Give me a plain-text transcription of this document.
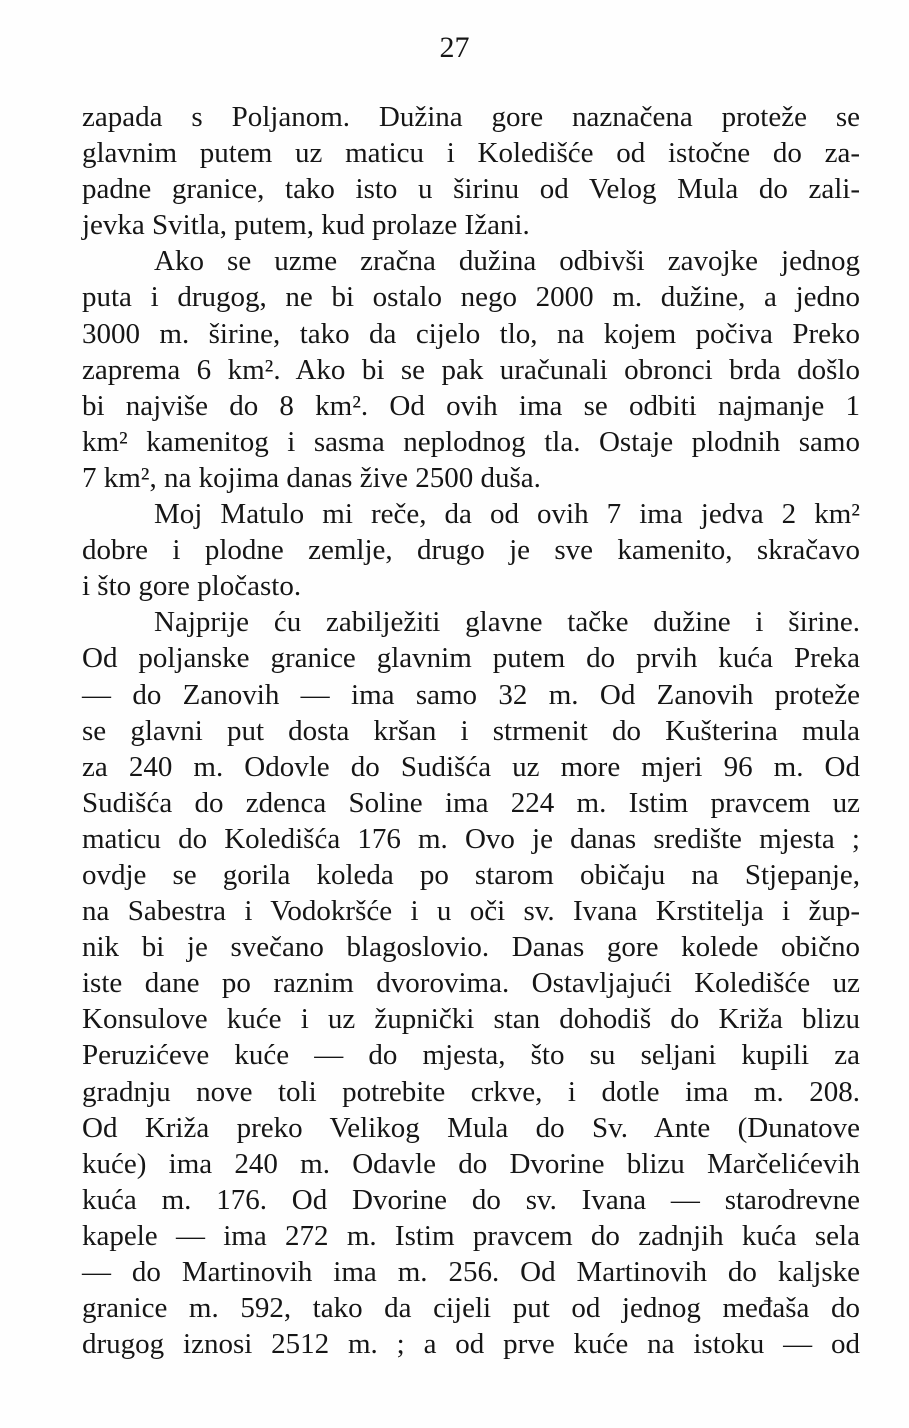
27
zapada s Poljanom. Dužina gore naznačena proteže se
glavnim putem uz maticu i Koledišće od istočne do za-
padne granice, tako isto u širinu od Velog Mula do zali-
jevka Svitla, putem, kud prolaze Ižani.
Ako se uzme zračna dužina odbivši zavojke jednog
puta i drugog, ne bi ostalo nego 2000 m. dužine, a jedno
3000 m. širine, tako da cijelo tlo, na kojem počiva Preko
zaprema 6 km². Ako bi se pak uračunali obronci brda došlo
bi najviše do 8 km². Od ovih ima se odbiti najmanje 1
km² kamenitog i sasma neplodnog tla. Ostaje plodnih samo
7 km², na kojima danas žive 2500 duša.
Moj Matulo mi reče, da od ovih 7 ima jedva 2 km²
dobre i plodne zemlje, drugo je sve kamenito, skračavo
i što gore pločasto.
Najprije ću zabilježiti glavne tačke dužine i širine.
Od poljanske granice glavnim putem do prvih kuća Preka
— do Zanovih — ima samo 32 m. Od Zanovih proteže
se glavni put dosta kršan i strmenit do Kušterina mula
za 240 m. Odovle do Sudišća uz more mjeri 96 m. Od
Sudišća do zdenca Soline ima 224 m. Istim pravcem uz
maticu do Koledišća 176 m. Ovo je danas središte mjesta ;
ovdje se gorila koleda po starom običaju na Stjepanje,
na Sabestra i Vodokršće i u oči sv. Ivana Krstitelja i žup-
nik bi je svečano blagoslovio. Danas gore kolede obično
iste dane po raznim dvorovima. Ostavljajući Koledišće uz
Konsulove kuće i uz župnički stan dohodiš do Križa blizu
Peruzićeve kuće — do mjesta, što su seljani kupili za
gradnju nove toli potrebite crkve, i dotle ima m. 208.
Od Križa preko Velikog Mula do Sv. Ante (Dunatove
kuće) ima 240 m. Odavle do Dvorine blizu Marčelićevih
kuća m. 176. Od Dvorine do sv. Ivana — starodrevne
kapele — ima 272 m. Istim pravcem do zadnjih kuća sela
— do Martinovih ima m. 256. Od Martinovih do kaljske
granice m. 592, tako da cijeli put od jednog međaša do
drugog iznosi 2512 m. ; a od prve kuće na istoku — od
